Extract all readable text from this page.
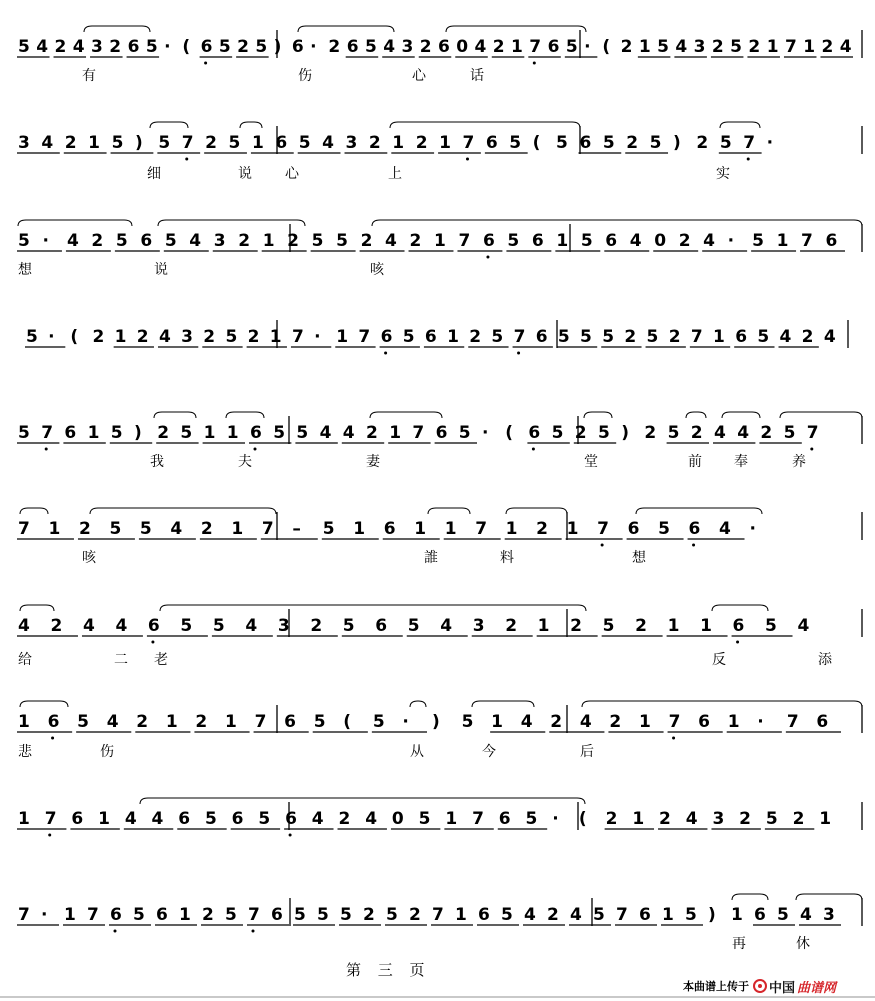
5 4 2 4 3 2 6 5 · ( 6 5 2 5 ) 6 · 2 6 5 4 3 2 6 0 4 2 1 7 6 5 · ( 2 1 5 4 3 2 5 2 1 7 1 2 4
有	伤	心	话
3 4 2 1 5 ) 5 7 2 5 1 6 5 4 3 2 1 2 1 7 6 5 ( 5 6 5 2 5 ) 2 5 7 ·
细	说 心	上	实
5 · 4 2 5 6 5 4 3 2 1 2 5 5 2 4 2 1 7 6 5 6 1 5 6 4 0 2 4 · 5 1 7 6
想	说	咳
5 · ( 2 1 2 4 3 2 5 2 1 7 · 1 7 6 5 6 1 2 5 7 6 5 5 5 2 5 2 7 1 6 5 4 2 4
5 7 6 1 5 ) 2 5 1 1 6 5 5 4 4 2 1 7 6 5 · ( 6 5 2 5 ) 2 5 2 4 4 2 5 7
我	夫	妻	堂	前 奉	养
7 1 2 5 5 4 2 1 7 – 5 1 6 1 1 7 1 2 1 7 6 5 6 4 ·
咳	誰	料	想
4 2 4 4 6 5 5 4 3 2 5 6 5 4 3 2 1 2 5 2 1 1 6 5 4
给	二 老	反	添
1 6 5 4 2 1 2 1 7 6 5 ( 5 · ) 5 1 4 2 4 2 1 7 6 1 · 7 6
悲	伤	从	今	后
1 7 6 1 4 4 6 5 6 5 6 4 2 4 0 5 1 7 6 5 · ( 2 1 2 4 3 2 5 2 1
7 · 1 7 6 5 6 1 2 5 7 6 5 5 5 2 5 2 7 1 6 5 4 2 4 5 7 6 1 5 ) 1 6 5 4 3
再	休
第 三 页
本曲谱上传于 中国 曲谱网
